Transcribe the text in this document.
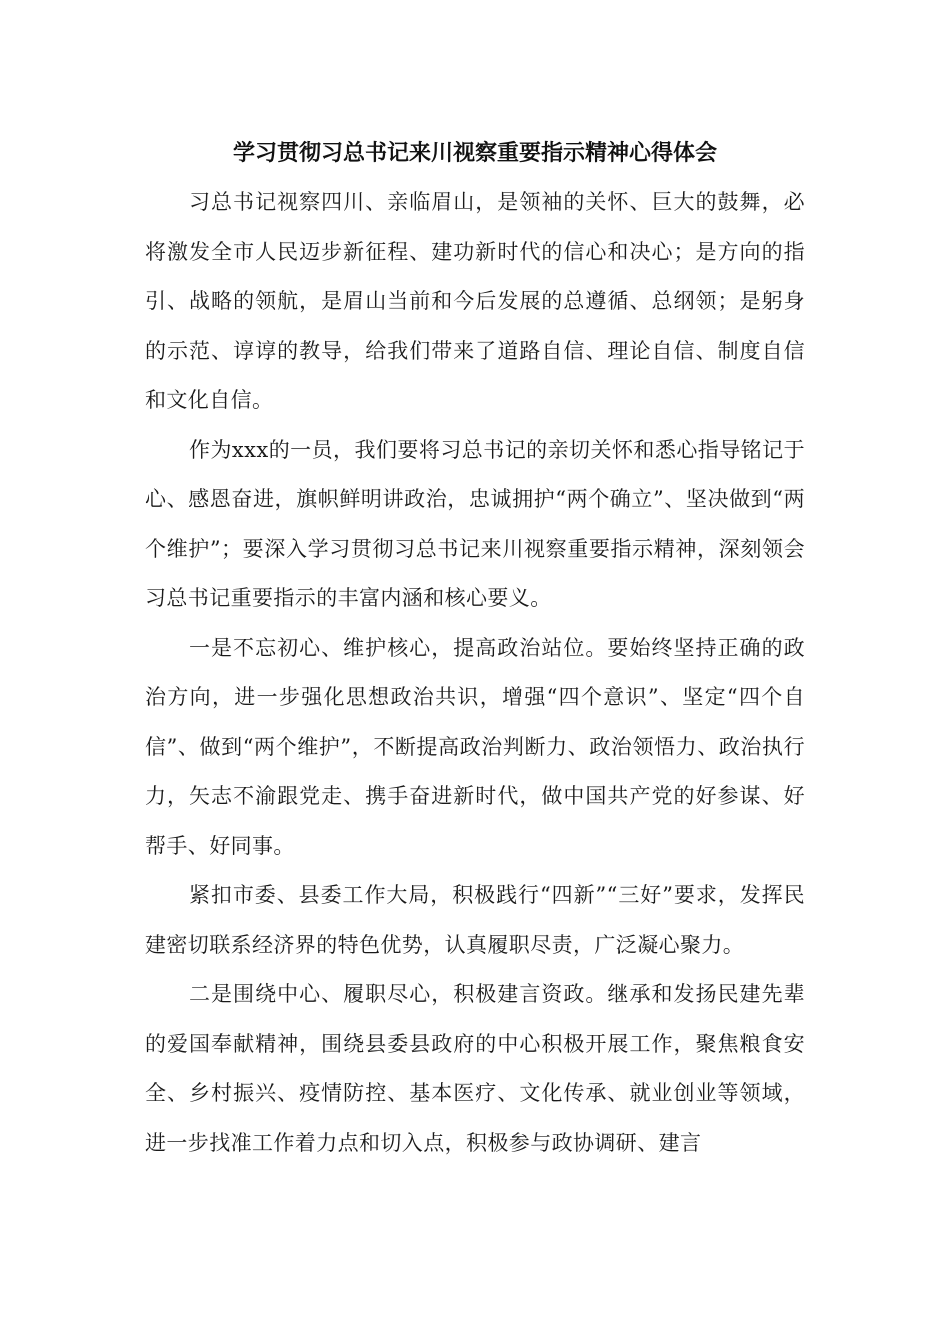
学习贯彻习总书记来川视察重要指示精神心得体会

习总书记视察四川、亲临眉山，是领袖的关怀、巨大的鼓舞，必将激发全市人民迈步新征程、建功新时代的信心和决心；是方向的指引、战略的领航，是眉山当前和今后发展的总遵循、总纲领；是躬身的示范、谆谆的教导，给我们带来了道路自信、理论自信、制度自信和文化自信。

作为xxx的一员，我们要将习总书记的亲切关怀和悉心指导铭记于心、感恩奋进，旗帜鲜明讲政治，忠诚拥护“两个确立”、坚决做到“两个维护”；要深入学习贯彻习总书记来川视察重要指示精神，深刻领会习总书记重要指示的丰富内涵和核心要义。

一是不忘初心、维护核心，提高政治站位。要始终坚持正确的政治方向，进一步强化思想政治共识，增强“四个意识”、坚定“四个自信”、做到“两个维护”，不断提高政治判断力、政治领悟力、政治执行力，矢志不渝跟党走、携手奋进新时代，做中国共产党的好参谋、好帮手、好同事。

紧扣市委、县委工作大局，积极践行“四新”“三好”要求，发挥民建密切联系经济界的特色优势，认真履职尽责，广泛凝心聚力。

二是围绕中心、履职尽心，积极建言资政。继承和发扬民建先辈的爱国奉献精神，围绕县委县政府的中心积极开展工作，聚焦粮食安全、乡村振兴、疫情防控、基本医疗、文化传承、就业创业等领域，进一步找准工作着力点和切入点，积极参与政协调研、建言
